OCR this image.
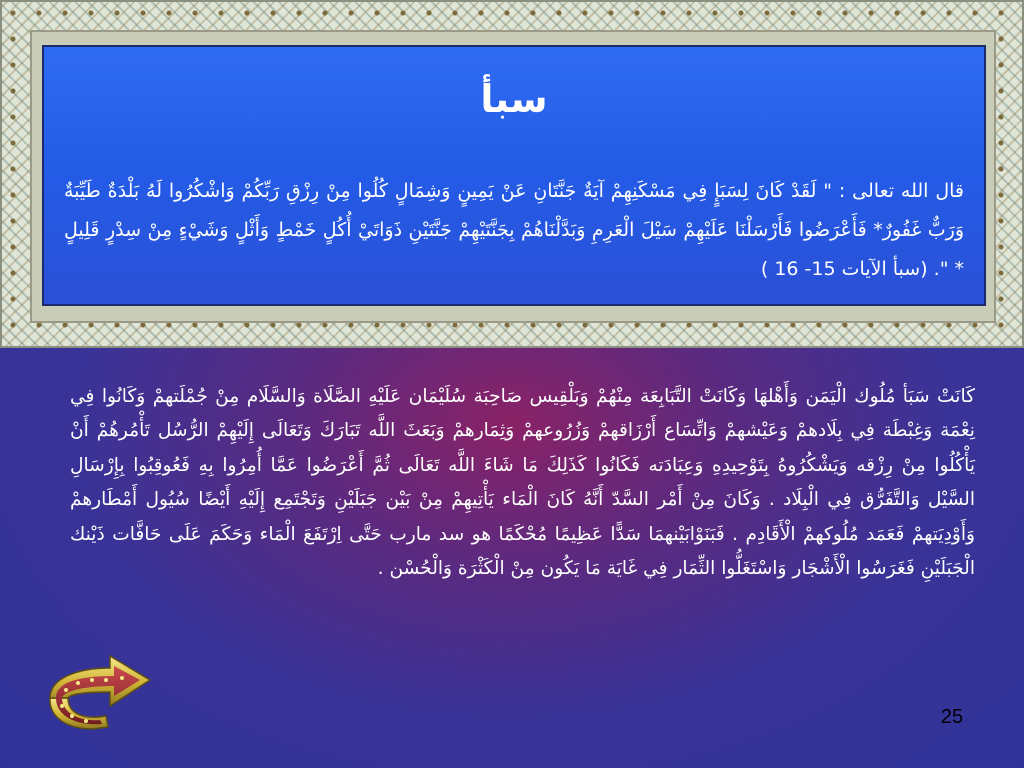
سبأ
قال الله تعالى : " لَقَدْ كَانَ لِسَبَإٍ فِي مَسْكَنِهِمْ آيَةٌ جَنَّتَانِ عَنْ يَمِينٍ وَشِمَالٍ كُلُوا مِنْ رِزْقِ رَبِّكُمْ وَاشْكُرُوا لَهُ بَلْدَةٌ طَيِّبَةٌ وَرَبٌّ غَفُورٌ* فَأَعْرَضُوا فَأَرْسَلْنَا عَلَيْهِمْ سَيْلَ الْعَرِمِ وَبَدَّلْنَاهُمْ بِجَنَّتَيْهِمْ جَنَّتَيْنِ ذَوَاتَيْ أُكُلٍ خَمْطٍ وَأَثْلٍ وَشَيْءٍ مِنْ سِدْرٍ قَلِيلٍ * ". (سبأ الآيات 15- 16 )
كَانَتْ سَبَأ مُلُوك الْيَمَن وَأَهْلهَا وَكَانَتْ التَّبَابِعَة مِنْهُمْ وَبَلْقِيس صَاحِبَة سُلَيْمَان عَلَيْهِ الصَّلَاة وَالسَّلَام مِنْ جُمْلَتهمْ وَكَانُوا فِي نِعْمَة وَغِبْطَة فِي بِلَادهمْ وَعَيْشهمْ وَاتِّسَاع أَرْزَاقهمْ وَزُرُوعهمْ وَثِمَارهمْ وَبَعَثَ اللَّه تَبَارَكَ وَتَعَالَى إِلَيْهِمْ الرُّسُل تَأْمُرهُمْ أَنْ يَأْكُلُوا مِنْ رِزْقه وَيَشْكُرُوهُ بِتَوْحِيدِهِ وَعِبَادَته فَكَانُوا كَذَلِكَ مَا شَاءَ اللَّه تَعَالَى ثُمَّ أَعْرَضُوا عَمَّا أُمِرُوا بِهِ فَعُوقِبُوا بِإِرْسَالِ السَّيْل وَالتَّفَرُّق فِي الْبِلَاد . وَكَانَ مِنْ أَمْر السَّدّ أَنَّهُ كَانَ الْمَاء يَأْتِيهِمْ مِنْ بَيْن جَبَلَيْنِ وَتَجْتَمِع إِلَيْهِ أَيْضًا سُيُول أَمْطَارهمْ وَأَوْدِيَتهمْ فَعَمَد مُلُوكهمْ الْأَقَادِم . فَبَنَوْابَيْنهمَا سَدًّا عَظِيمًا مُحْكَمًا هو سد مارب حَتَّى اِرْتَفَعَ الْمَاء وَحَكَمَ عَلَى حَافَّات ذَيْنك الْجَبَلَيْنِ فَغَرَسُوا الْأَشْجَار وَاسْتَغَلُّوا الثِّمَار فِي غَايَة مَا يَكُون مِنْ الْكَثْرَة وَالْحُسْن .
25
